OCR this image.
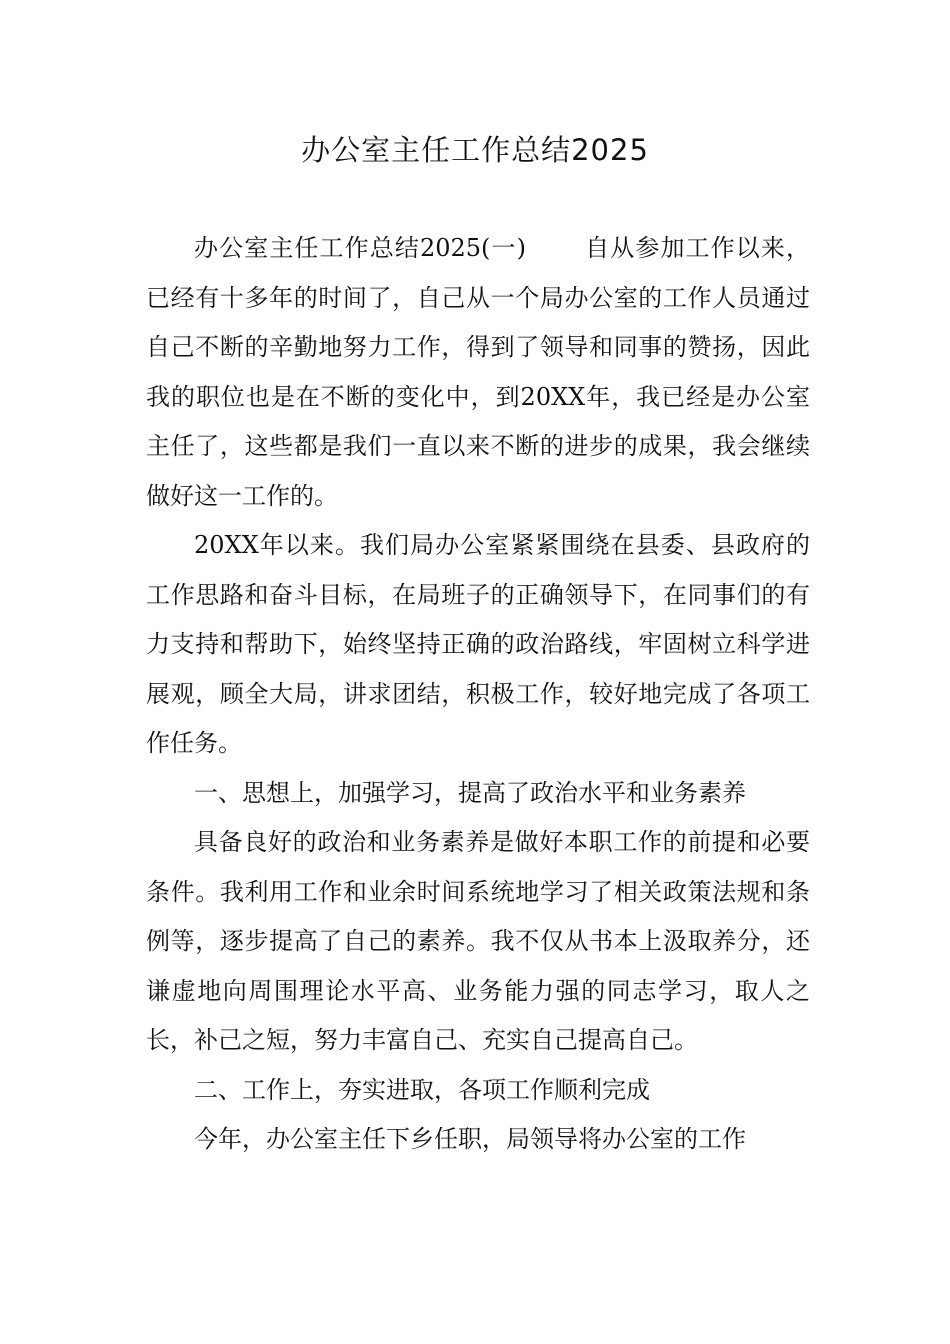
办公室主任工作总结2025

办公室主任工作总结2025(一) 自从参加工作以来，已经有十多年的时间了，自己从一个局办公室的工作人员通过自己不断的辛勤地努力工作，得到了领导和同事的赞扬，因此我的职位也是在不断的变化中，到20XX年，我已经是办公室主任了，这些都是我们一直以来不断的进步的成果，我会继续做好这一工作的。

20XX年以来。我们局办公室紧紧围绕在县委、县政府的工作思路和奋斗目标，在局班子的正确领导下，在同事们的有力支持和帮助下，始终坚持正确的政治路线，牢固树立科学进展观，顾全大局，讲求团结，积极工作，较好地完成了各项工作任务。

一、思想上，加强学习，提高了政治水平和业务素养

具备良好的政治和业务素养是做好本职工作的前提和必要条件。我利用工作和业余时间系统地学习了相关政策法规和条例等，逐步提高了自己的素养。我不仅从书本上汲取养分，还谦虚地向周围理论水平高、业务能力强的同志学习，取人之长，补己之短，努力丰富自己、充实自己提高自己。

二、工作上，夯实进取，各项工作顺利完成

今年，办公室主任下乡任职，局领导将办公室的工作
